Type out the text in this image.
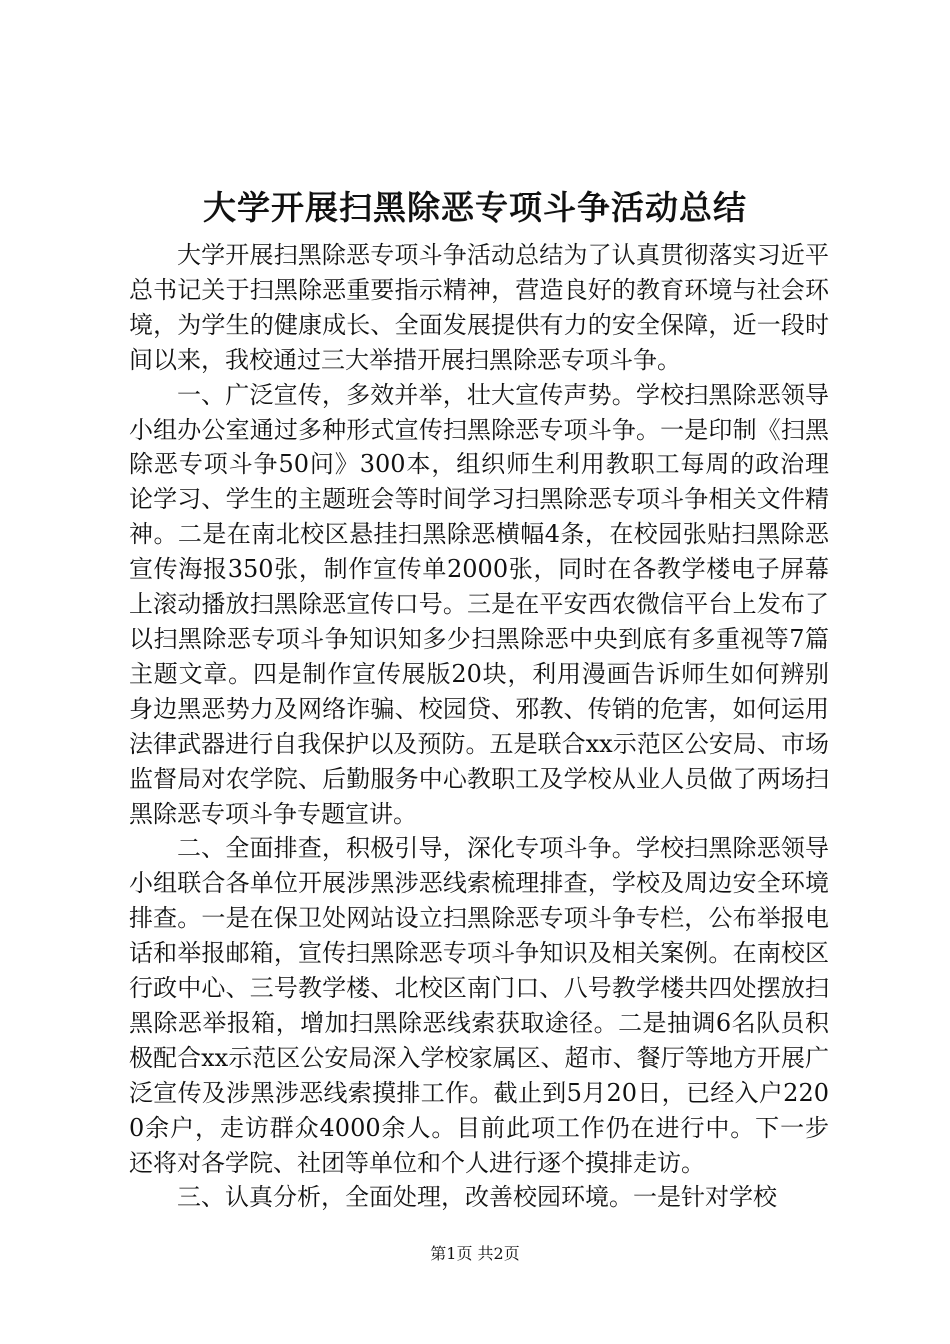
大学开展扫黑除恶专项斗争活动总结

大学开展扫黑除恶专项斗争活动总结为了认真贯彻落实习近平总书记关于扫黑除恶重要指示精神，营造良好的教育环境与社会环境，为学生的健康成长、全面发展提供有力的安全保障，近一段时间以来，我校通过三大举措开展扫黑除恶专项斗争。

一、广泛宣传，多效并举，壮大宣传声势。学校扫黑除恶领导小组办公室通过多种形式宣传扫黑除恶专项斗争。一是印制《扫黑除恶专项斗争50问》300本，组织师生利用教职工每周的政治理论学习、学生的主题班会等时间学习扫黑除恶专项斗争相关文件精神。二是在南北校区悬挂扫黑除恶横幅4条，在校园张贴扫黑除恶宣传海报350张，制作宣传单2000张，同时在各教学楼电子屏幕上滚动播放扫黑除恶宣传口号。三是在平安西农微信平台上发布了以扫黑除恶专项斗争知识知多少扫黑除恶中央到底有多重视等7篇主题文章。四是制作宣传展版20块，利用漫画告诉师生如何辨别身边黑恶势力及网络诈骗、校园贷、邪教、传销的危害，如何运用法律武器进行自我保护以及预防。五是联合xx示范区公安局、市场监督局对农学院、后勤服务中心教职工及学校从业人员做了两场扫黑除恶专项斗争专题宣讲。

二、全面排查，积极引导，深化专项斗争。学校扫黑除恶领导小组联合各单位开展涉黑涉恶线索梳理排查，学校及周边安全环境排查。一是在保卫处网站设立扫黑除恶专项斗争专栏，公布举报电话和举报邮箱，宣传扫黑除恶专项斗争知识及相关案例。在南校区行政中心、三号教学楼、北校区南门口、八号教学楼共四处摆放扫黑除恶举报箱，增加扫黑除恶线索获取途径。二是抽调6名队员积极配合xx示范区公安局深入学校家属区、超市、餐厅等地方开展广泛宣传及涉黑涉恶线索摸排工作。截止到5月20日，已经入户2200余户，走访群众4000余人。目前此项工作仍在进行中。下一步还将对各学院、社团等单位和个人进行逐个摸排走访。

三、认真分析，全面处理，改善校园环境。一是针对学校

第1页 共2页
